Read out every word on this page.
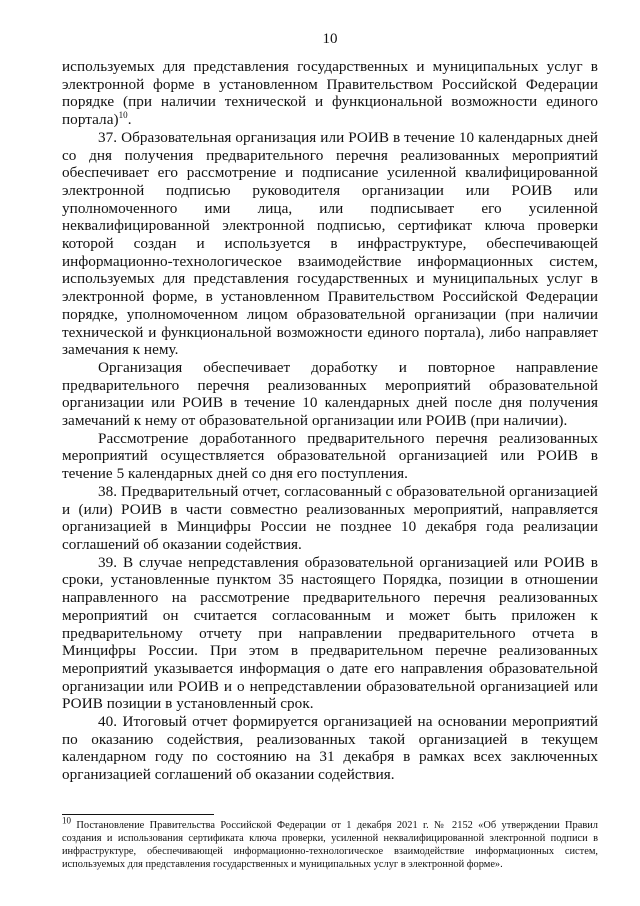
10

используемых для представления государственных и муниципальных услуг в электронной форме в установленном Правительством Российской Федерации порядке (при наличии технической и функциональной возможности единого портала)$^{10}$.

37. Образовательная организация или РОИВ в течение 10 календарных дней со дня получения предварительного перечня реализованных мероприятий обеспечивает его рассмотрение и подписание усиленной квалифицированной электронной подписью руководителя организации или РОИВ или уполномоченного ими лица, или подписывает его усиленной неквалифицированной электронной подписью, сертификат ключа проверки которой создан и используется в инфраструктуре, обеспечивающей информационно-технологическое взаимодействие информационных систем, используемых для представления государственных и муниципальных услуг в электронной форме, в установленном Правительством Российской Федерации порядке, уполномоченном лицом образовательной организации (при наличии технической и функциональной возможности единого портала), либо направляет замечания к нему.

Организация обеспечивает доработку и повторное направление предварительного перечня реализованных мероприятий образовательной организации или РОИВ в течение 10 календарных дней после дня получения замечаний к нему от образовательной организации или РОИВ (при наличии).

Рассмотрение доработанного предварительного перечня реализованных мероприятий осуществляется образовательной организацией или РОИВ в течение 5 календарных дней со дня его поступления.

38. Предварительный отчет, согласованный с образовательной организацией и (или) РОИВ в части совместно реализованных мероприятий, направляется организацией в Минцифры России не позднее 10 декабря года реализации соглашений об оказании содействия.

39. В случае непредставления образовательной организацией или РОИВ в сроки, установленные пунктом 35 настоящего Порядка, позиции в отношении направленного на рассмотрение предварительного перечня реализованных мероприятий он считается согласованным и может быть приложен к предварительному отчету при направлении предварительного отчета в Минцифры России. При этом в предварительном перечне реализованных мероприятий указывается информация о дате его направления образовательной организации или РОИВ и о непредставлении образовательной организацией или РОИВ позиции в установленный срок.

40. Итоговый отчет формируется организацией на основании мероприятий по оказанию содействия, реализованных такой организацией в текущем календарном году по состоянию на 31 декабря в рамках всех заключенных организацией соглашений об оказании содействия.

$^{10}$ Постановление Правительства Российской Федерации от 1 декабря 2021 г. № 2152 «Об утверждении Правил создания и использования сертификата ключа проверки, усиленной неквалифицированной электронной подписи в инфраструктуре, обеспечивающей информационно-технологическое взаимодействие информационных систем, используемых для представления государственных и муниципальных услуг в электронной форме».
